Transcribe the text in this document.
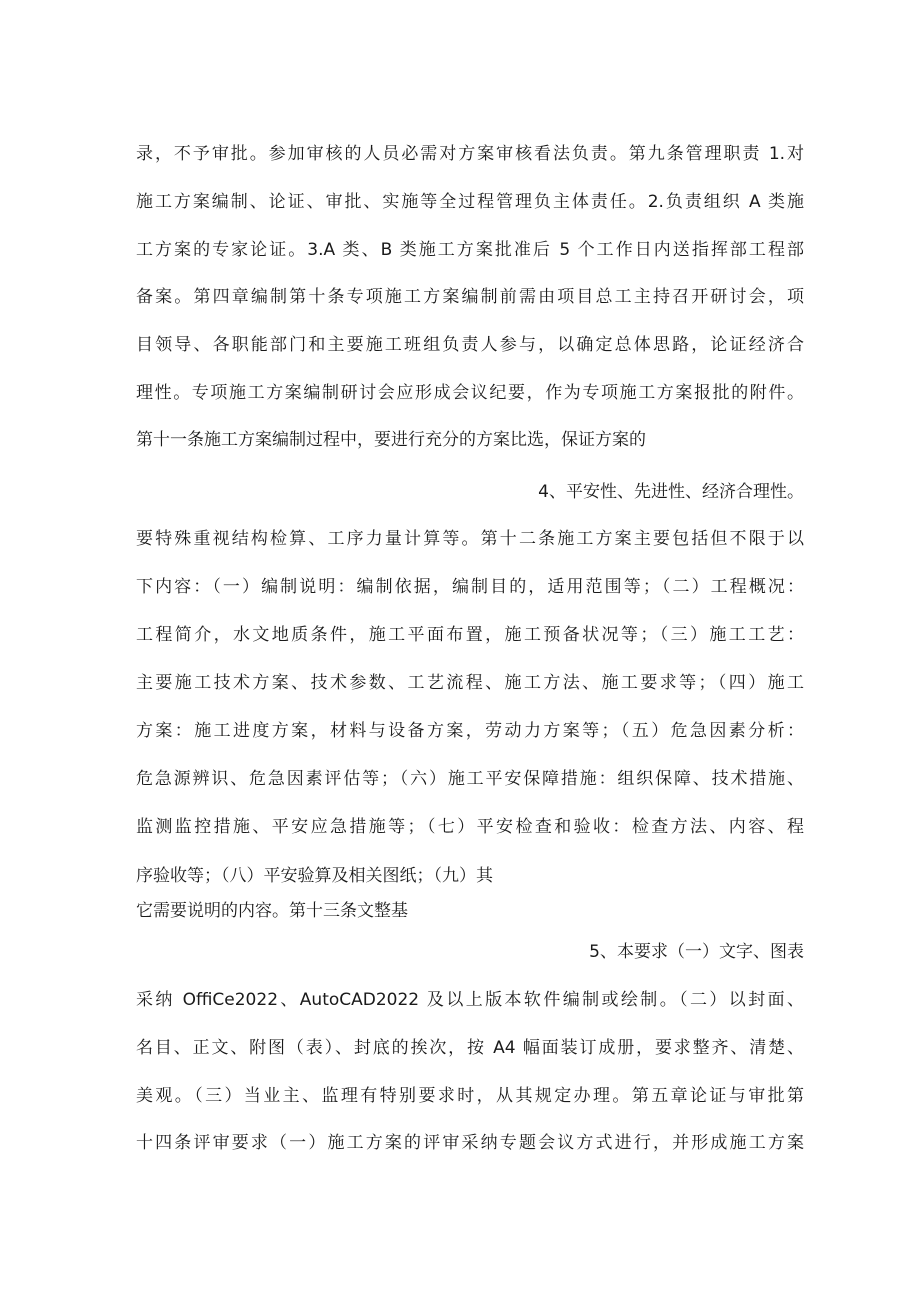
录，不予审批。参加审核的人员必需对方案审核看法负责。第九条管理职责 1.对

施工方案编制、论证、审批、实施等全过程管理负主体责任。2.负责组织 A 类施

工方案的专家论证。3.A 类、B 类施工方案批准后 5 个工作日内送指挥部工程部

备案。第四章编制第十条专项施工方案编制前需由项目总工主持召开研讨会，项

目领导、各职能部门和主要施工班组负责人参与，以确定总体思路，论证经济合

理性。专项施工方案编制研讨会应形成会议纪要，作为专项施工方案报批的附件。

第十一条施工方案编制过程中，要进行充分的方案比选，保证方案的

4、平安性、先进性、经济合理性。

要特殊重视结构检算、工序力量计算等。第十二条施工方案主要包括但不限于以

下内容：（一）编制说明：编制依据，编制目的，适用范围等；（二）工程概况：

工程简介，水文地质条件，施工平面布置，施工预备状况等；（三）施工工艺：

主要施工技术方案、技术参数、工艺流程、施工方法、施工要求等；（四）施工

方案：施工进度方案，材料与设备方案，劳动力方案等；（五）危急因素分析：

危急源辨识、危急因素评估等；（六）施工平安保障措施：组织保障、技术措施、

监测监控措施、平安应急措施等；（七）平安检查和验收：检查方法、内容、程

序验收等；（八）平安验算及相关图纸；（九）其

它需要说明的内容。第十三条文整基

5、本要求（一）文字、图表

采纳 OffiCe2022、AutoCAD2022 及以上版本软件编制或绘制。（二）以封面、

名目、正文、附图（表）、封底的挨次，按 A4 幅面装订成册，要求整齐、清楚、

美观。（三）当业主、监理有特别要求时，从其规定办理。第五章论证与审批第

十四条评审要求（一）施工方案的评审采纳专题会议方式进行，并形成施工方案
